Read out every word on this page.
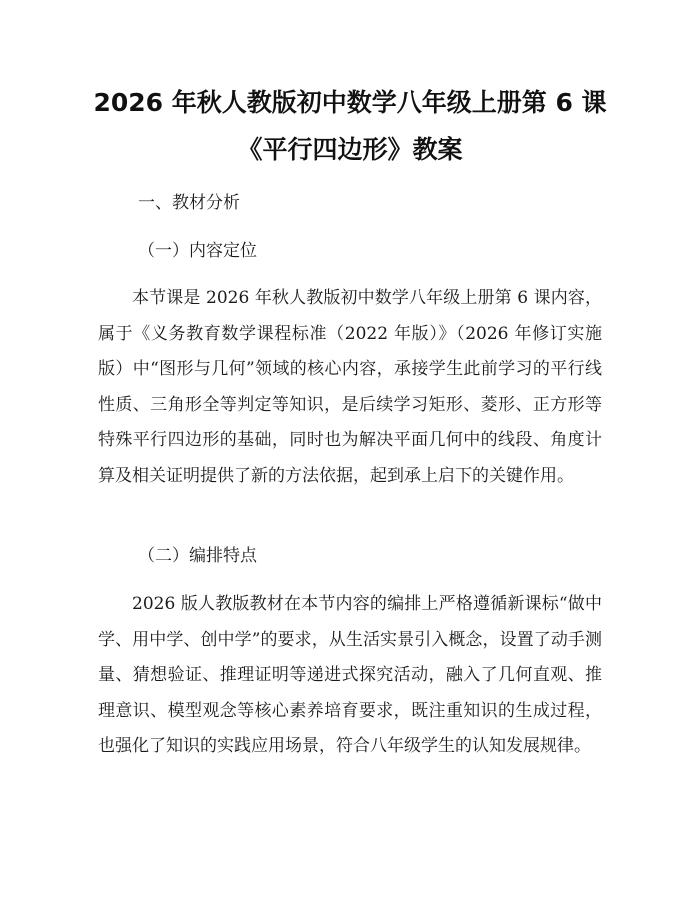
2026 年秋人教版初中数学八年级上册第 6 课
《平行四边形》教案
一、教材分析
（一）内容定位

本节课是 2026 年秋人教版初中数学八年级上册第 6 课内容，属于《义务教育数学课程标准（2022 年版）》（2026 年修订实施版）中“图形与几何”领域的核心内容，承接学生此前学习的平行线性质、三角形全等判定等知识，是后续学习矩形、菱形、正方形等特殊平行四边形的基础，同时也为解决平面几何中的线段、角度计算及相关证明提供了新的方法依据，起到承上启下的关键作用。

（二）编排特点

2026 版人教版教材在本节内容的编排上严格遵循新课标“做中学、用中学、创中学”的要求，从生活实景引入概念，设置了动手测量、猜想验证、推理证明等递进式探究活动，融入了几何直观、推理意识、模型观念等核心素养培育要求，既注重知识的生成过程，也强化了知识的实践应用场景，符合八年级学生的认知发展规律。
